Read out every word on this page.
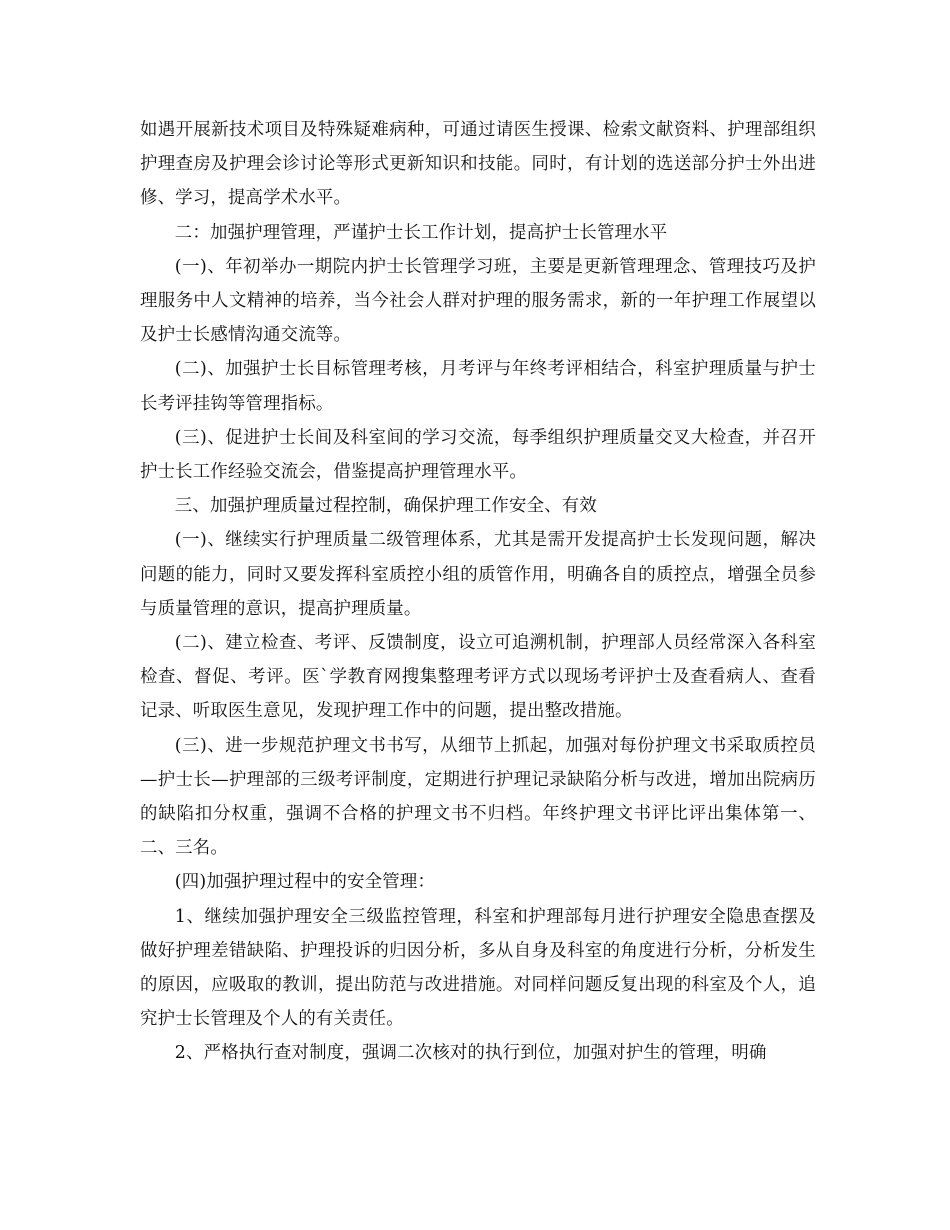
如遇开展新技术项目及特殊疑难病种，可通过请医生授课、检索文献资料、护理部组织护理查房及护理会诊讨论等形式更新知识和技能。同时，有计划的选送部分护士外出进修、学习，提高学术水平。

二：加强护理管理，严谨护士长工作计划，提高护士长管理水平

(一)、年初举办一期院内护士长管理学习班，主要是更新管理理念、管理技巧及护理服务中人文精神的培养，当今社会人群对护理的服务需求，新的一年护理工作展望以及护士长感情沟通交流等。

(二)、加强护士长目标管理考核，月考评与年终考评相结合，科室护理质量与护士长考评挂钩等管理指标。

(三)、促进护士长间及科室间的学习交流，每季组织护理质量交叉大检查，并召开护士长工作经验交流会，借鉴提高护理管理水平。

三、加强护理质量过程控制，确保护理工作安全、有效

(一)、继续实行护理质量二级管理体系，尤其是需开发提高护士长发现问题，解决问题的能力，同时又要发挥科室质控小组的质管作用，明确各自的质控点，增强全员参与质量管理的意识，提高护理质量。

(二)、建立检查、考评、反馈制度，设立可追溯机制，护理部人员经常深入各科室检查、督促、考评。医`学教育网搜集整理考评方式以现场考评护士及查看病人、查看记录、听取医生意见，发现护理工作中的问题，提出整改措施。

(三)、进一步规范护理文书书写，从细节上抓起，加强对每份护理文书采取质控员—护士长—护理部的三级考评制度，定期进行护理记录缺陷分析与改进，增加出院病历的缺陷扣分权重，强调不合格的护理文书不归档。年终护理文书评比评出集体第一、二、三名。

(四)加强护理过程中的安全管理：

1、继续加强护理安全三级监控管理，科室和护理部每月进行护理安全隐患查摆及做好护理差错缺陷、护理投诉的归因分析，多从自身及科室的角度进行分析，分析发生的原因，应吸取的教训，提出防范与改进措施。对同样问题反复出现的科室及个人，追究护士长管理及个人的有关责任。

2、严格执行查对制度，强调二次核对的执行到位，加强对护生的管理，明确
